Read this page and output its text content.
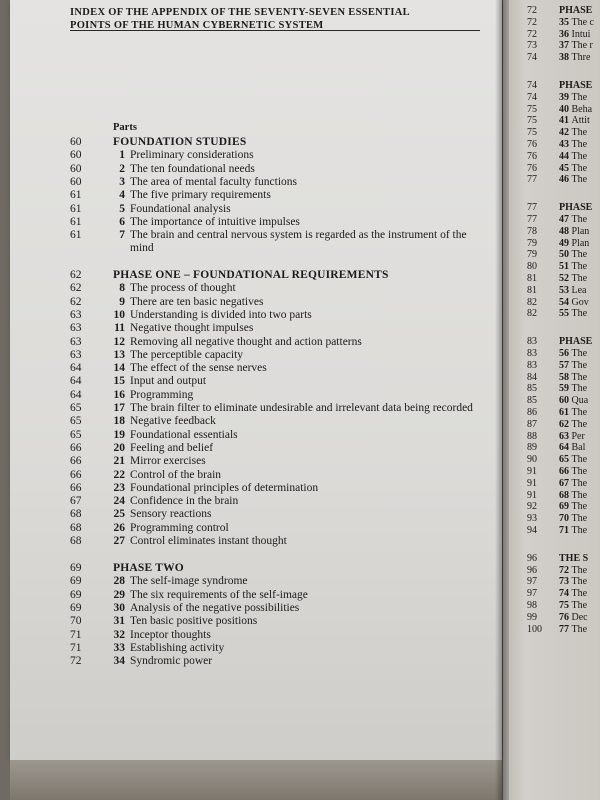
INDEX OF THE APPENDIX OF THE SEVENTY-SEVEN ESSENTIAL
POINTS OF THE HUMAN CYBERNETIC SYSTEM
Parts
60	FOUNDATION STUDIES
60	1 Preliminary considerations
60	2 The ten foundational needs
60	3 The area of mental faculty functions
61	4 The five primary requirements
61	5 Foundational analysis
61	6 The importance of intuitive impulses
61	7 The brain and central nervous system is regarded as the instrument of the
mind
62	PHASE ONE – FOUNDATIONAL REQUIREMENTS
62	8 The process of thought
62	9 There are ten basic negatives
63	10 Understanding is divided into two parts
63	11 Negative thought impulses
63	12 Removing all negative thought and action patterns
63	13 The perceptible capacity
64	14 The effect of the sense nerves
64	15 Input and output
64	16 Programming
65	17 The brain filter to eliminate undesirable and irrelevant data being recorded
65	18 Negative feedback
65	19 Foundational essentials
66	20 Feeling and belief
66	21 Mirror exercises
66	22 Control of the brain
66	23 Foundational principles of determination
67	24 Confidence in the brain
68	25 Sensory reactions
68	26 Programming control
68	27 Control eliminates instant thought
69	PHASE TWO
69	28 The self-image syndrome
69	29 The six requirements of the self-image
69	30 Analysis of the negative possibilities
70	31 Ten basic positive positions
71	32 Inceptor thoughts
71	33 Establishing activity
72	34 Syndromic power
72	PHASE
72	35 The c
72	36 Intui
73	37 The r
74	38 Thre
74	PHASE
74	39 The
75	40 Beha
75	41 Attit
75	42 The
76	43 The
76	44 The
76	45 The
77	46 The
77	PHASE
77	47 The
78	48 Plan
79	49 Plan
79	50 The
80	51 The
81	52 The
81	53 Lea
82	54 Gov
82	55 The
83	PHASE
83	56 The
83	57 The
84	58 The
85	59 The
85	60 Qua
86	61 The
87	62 The
88	63 Per
89	64 Bal
90	65 The
91	66 The
91	67 The
91	68 The
92	69 The
93	70 The
94	71 The
96	THE S
96	72 The
97	73 The
97	74 The
98	75 The
99	76 Dec
100	77 The
